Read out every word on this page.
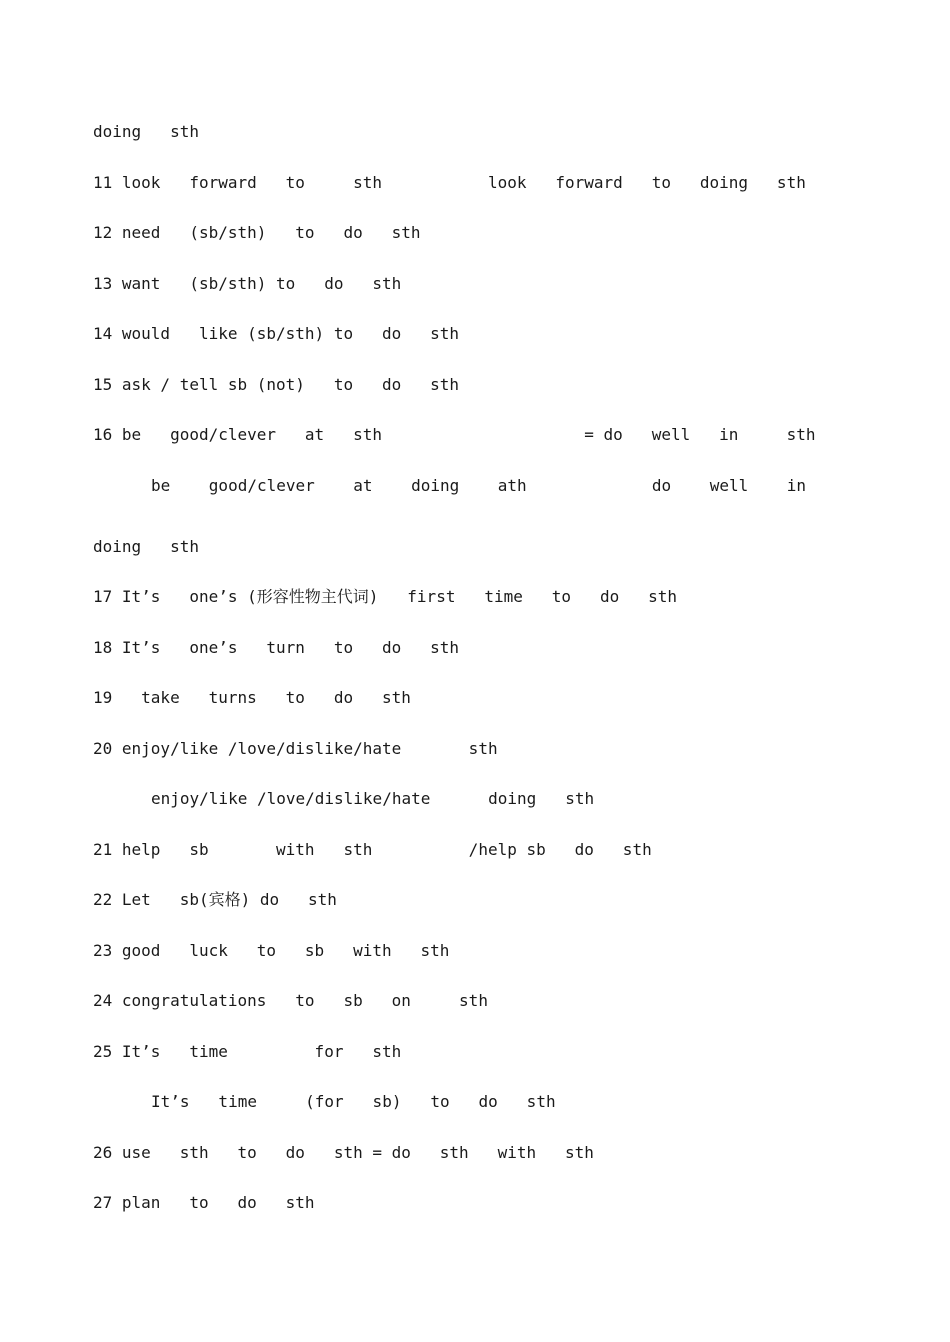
doing   sth
11 look   forward   to     sth           look   forward   to   doing   sth
12 need   (sb/sth)   to   do   sth
13 want   (sb/sth) to   do   sth
14 would   like (sb/sth) to   do   sth
15 ask / tell sb (not)   to   do   sth
16 be   good/clever   at   sth                     = do   well   in     sth
be    good/clever    at    doing    ath             do    well    in
doing   sth
17 It’s   one’s (形容性物主代词)   first   time   to   do   sth
18 It’s   one’s   turn   to   do   sth
19   take   turns   to   do   sth
20 enjoy/like /love/dislike/hate       sth
enjoy/like /love/dislike/hate      doing   sth
21 help   sb       with   sth          /help sb   do   sth
22 Let   sb(宾格) do   sth
23 good   luck   to   sb   with   sth
24 congratulations   to   sb   on     sth
25 It’s   time         for   sth
It’s   time     (for   sb)   to   do   sth
26 use   sth   to   do   sth = do   sth   with   sth
27 plan   to   do   sth
